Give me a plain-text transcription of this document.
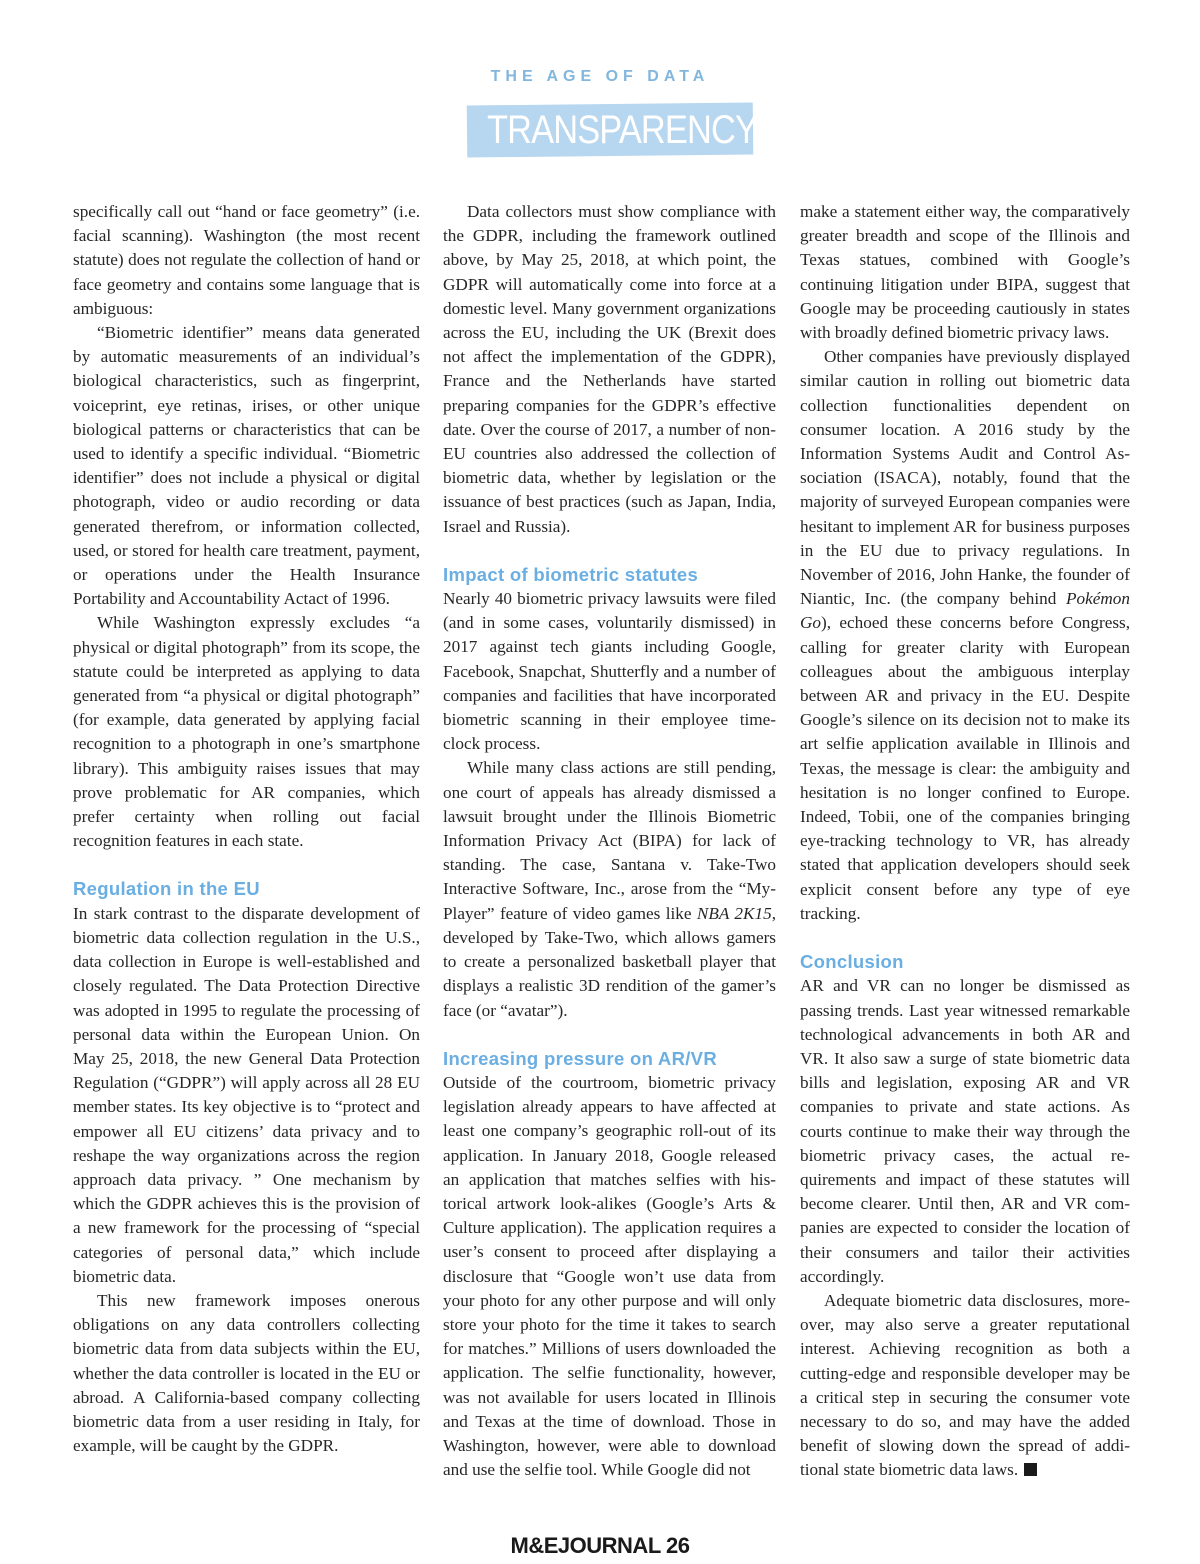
THE AGE OF DATA
TRANSPARENCY

specifically call out “hand or face geometry” (i.e. facial scanning). Washington (the most recent statute) does not regulate the collection of hand or face geometry and contains some language that is ambiguous:

“Biometric identifier” means data generated by automatic measurements of an individual’s biological characteristics, such as fingerprint, voiceprint, eye retinas, irises, or other unique biological patterns or characteristics that can be used to identify a specific individual. “Biometric identifier” does not include a physical or digital photograph, video or audio recording or data generated therefrom, or information collected, used, or stored for health care treatment, payment, or operations under the Health Insurance Portability and Accountability Actact of 1996.

While Washington expressly excludes “a physical or digital photograph” from its scope, the statute could be interpreted as applying to data generated from “a physical or digital photograph” (for example, data generated by applying facial recognition to a photograph in one’s smartphone library). This ambiguity raises issues that may prove problematic for AR companies, which prefer certainty when rolling out facial recognition features in each state.

Regulation in the EU

In stark contrast to the disparate development of biometric data collection regulation in the U.S., data collection in Europe is well-established and closely regulated. The Data Protection Directive was adopted in 1995 to regulate the processing of personal data within the European Union. On May 25, 2018, the new General Data Protection Regulation (“GDPR”) will apply across all 28 EU member states. Its key objective is to “protect and empower all EU citizens’ data privacy and to reshape the way organizations across the region approach data privacy. ” One mechanism by which the GDPR achieves this is the provision of a new framework for the processing of “special categories of personal data,” which include biometric data.

This new framework imposes onerous obligations on any data controllers collecting biometric data from data subjects within the EU, whether the data controller is located in the EU or abroad. A California-based company collecting biometric data from a user residing in Italy, for example, will be caught by the GDPR.

Data collectors must show compliance with the GDPR, including the framework outlined above, by May 25, 2018, at which point, the GDPR will automatically come into force at a domestic level. Many government organizations across the EU, including the UK (Brexit does not affect the implementation of the GDPR), France and the Netherlands have started preparing companies for the GDPR’s effective date. Over the course of 2017, a number of non-EU countries also addressed the collection of biometric data, whether by legislation or the issuance of best practices (such as Japan, India, Israel and Russia).

Impact of biometric statutes

Nearly 40 biometric privacy lawsuits were filed (and in some cases, voluntarily dismissed) in 2017 against tech giants including Google, Facebook, Snapchat, Shutterfly and a number of companies and facilities that have incorporated biometric scanning in their employee time-clock process.

While many class actions are still pending, one court of appeals has already dismissed a lawsuit brought under the Illinois Biometric Information Privacy Act (BIPA) for lack of standing. The case, Santana v. Take-Two Interactive Software, Inc., arose from the “MyPlayer” feature of video games like NBA 2K15, developed by Take-Two, which allows gamers to create a personalized basketball player that displays a realistic 3D rendition of the gamer’s face (or “avatar”).

Increasing pressure on AR/VR

Outside of the courtroom, biometric privacy legislation already appears to have affected at least one company’s geographic roll-out of its application. In January 2018, Google released an application that matches selfies with historical artwork look-alikes (Google’s Arts & Culture application). The application requires a user’s consent to proceed after displaying a disclosure that “Google won’t use data from your photo for any other purpose and will only store your photo for the time it takes to search for matches.” Millions of users downloaded the application. The selfie functionality, however, was not available for users located in Illinois and Texas at the time of download. Those in Washington, however, were able to download and use the selfie tool. While Google did not

make a statement either way, the comparatively greater breadth and scope of the Illinois and Texas statues, combined with Google’s continuing litigation under BIPA, suggest that Google may be proceeding cautiously in states with broadly defined biometric privacy laws.

Other companies have previously displayed similar caution in rolling out biometric data collection functionalities dependent on consumer location. A 2016 study by the Information Systems Audit and Control Association (ISACA), notably, found that the majority of surveyed European companies were hesitant to implement AR for business purposes in the EU due to privacy regulations. In November of 2016, John Hanke, the founder of Niantic, Inc. (the company behind Pokémon Go), echoed these concerns before Congress, calling for greater clarity with European colleagues about the ambiguous interplay between AR and privacy in the EU. Despite Google’s silence on its decision not to make its art selfie application available in Illinois and Texas, the message is clear: the ambiguity and hesitation is no longer confined to Europe. Indeed, Tobii, one of the companies bringing eye-tracking technology to VR, has already stated that application developers should seek explicit consent before any type of eye tracking.

Conclusion

AR and VR can no longer be dismissed as passing trends. Last year witnessed remarkable technological advancements in both AR and VR. It also saw a surge of state biometric data bills and legislation, exposing AR and VR companies to private and state actions. As courts continue to make their way through the biometric privacy cases, the actual requirements and impact of these statutes will become clearer. Until then, AR and VR companies are expected to consider the location of their consumers and tailor their activities accordingly.

Adequate biometric data disclosures, moreover, may also serve a greater reputational interest. Achieving recognition as both a cutting-edge and responsible developer may be a critical step in securing the consumer vote necessary to do so, and may have the added benefit of slowing down the spread of additional state biometric data laws.

M&EJOURNAL 26
